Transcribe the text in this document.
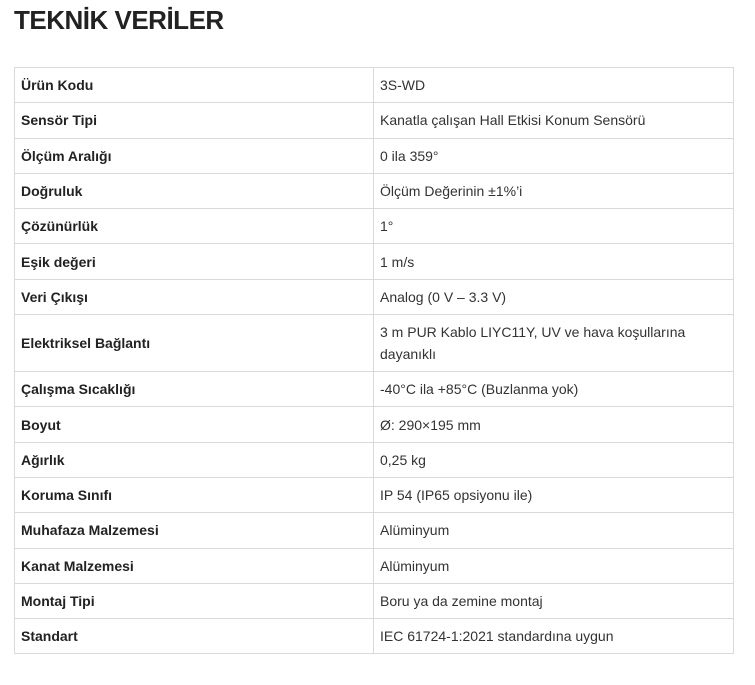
TEKNİK VERİLER
Ürün Kodu	3S-WD
Sensör Tipi	Kanatla çalışan Hall Etkisi Konum Sensörü
Ölçüm Aralığı	0 ila 359°
Doğruluk	Ölçüm Değerinin ±1%’i
Çözünürlük	1°
Eşik değeri	1 m/s
Veri Çıkışı	Analog (0 V – 3.3 V)
Elektriksel Bağlantı	3 m PUR Kablo LIYC11Y, UV ve hava koşullarına dayanıklı
Çalışma Sıcaklığı	-40°C ila +85°C (Buzlanma yok)
Boyut	Ø: 290×195 mm
Ağırlık	0,25 kg
Koruma Sınıfı	IP 54 (IP65 opsiyonu ile)
Muhafaza Malzemesi	Alüminyum
Kanat Malzemesi	Alüminyum
Montaj Tipi	Boru ya da zemine montaj
Standart	IEC 61724-1:2021 standardına uygun
